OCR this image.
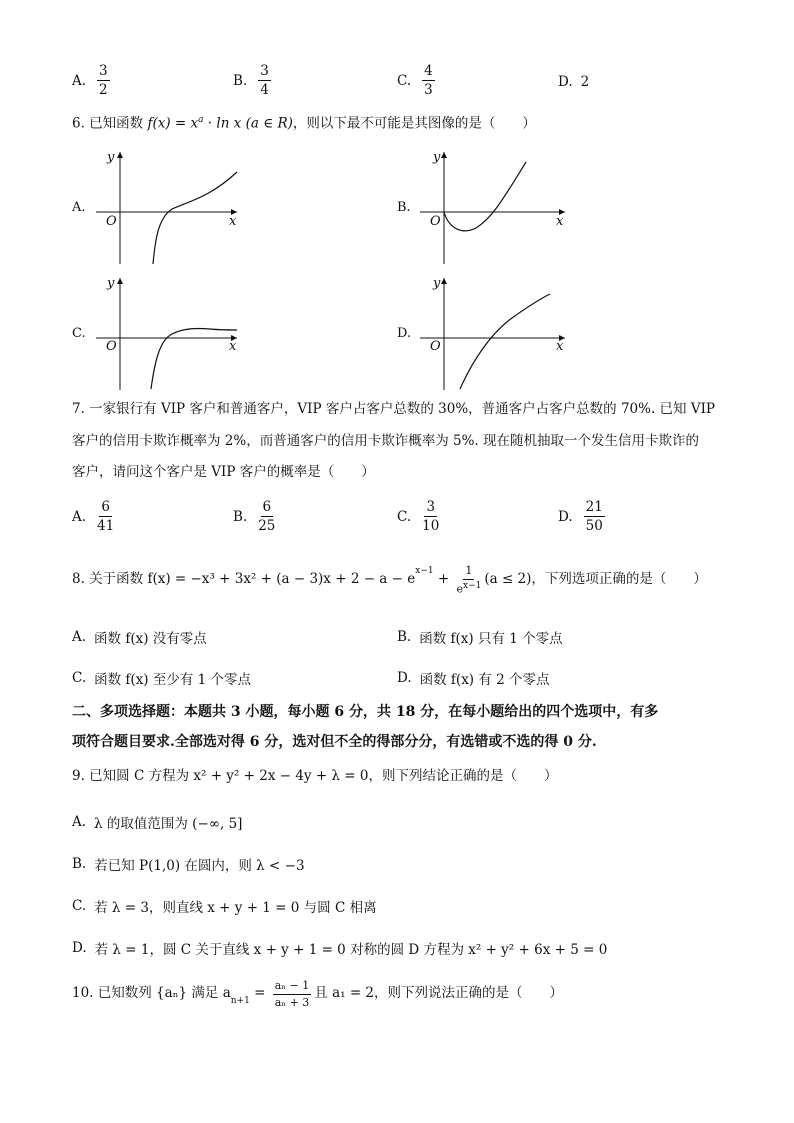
A. $\frac{3}{2}$	B. $\frac{3}{4}$	C. $\frac{4}{3}$	D. 2
6. 已知函数 $f(x) = x^a \cdot \ln x$ (a ∈ R)，则以下最不可能是其图像的是（　　）
A.
y
x
O
B.
y
x
O
C.
y
x
O
D.
y
x
O
7. 一家银行有 VIP 客户和普通客户，VIP 客户占客户总数的 30%，普通客户占客户总数的 70%. 已知 VIP
客户的信用卡欺诈概率为 2%，而普通客户的信用卡欺诈概率为 5%. 现在随机抽取一个发生信用卡欺诈的
客户，请问这个客户是 VIP 客户的概率是（　　）
A. $\frac{6}{41}$	B. $\frac{6}{25}$	C. $\frac{3}{10}$	D. $\frac{21}{50}$
8. 关于函数 f(x) = −x³ + 3x² + (a − 3)x + 2 − a − e
$^{x-1}$
+ $\frac{1}{e^{x-1}} (a \le 2)$，下列选项正确的是（　　）
A. 函数 f(x) 没有零点	B. 函数 f(x) 只有 1 个零点
C. 函数 f(x) 至少有 1 个零点	D. 函数 f(x) 有 2 个零点
二、多项选择题：本题共 3 小题，每小题 6 分，共 18 分，在每小题给出的四个选项中，有多
项符合题目要求.全部选对得 6 分，选对但不全的得部分分，有选错或不选的得 0 分.
9. 已知圆 C 方程为 x² + y² + 2x − 4y + λ = 0，则下列结论正确的是（　　）
A. λ 的取值范围为 (−∞, 5]
B. 若已知 P(1,0) 在圆内，则 λ < −3
C. 若 λ = 3，则直线 x + y + 1 = 0 与圆 C 相离
D. 若 λ = 1，圆 C 关于直线 x + y + 1 = 0 对称的圆 D 方程为 x² + y² + 6x + 5 = 0
10. 已知数列 {aₙ} 满足 $a_{n+1} = \frac{\text{aₙ − 1}}{\text{aₙ + 3}}$ 且 a₁ = 2，则下列说法正确的是（　　）
